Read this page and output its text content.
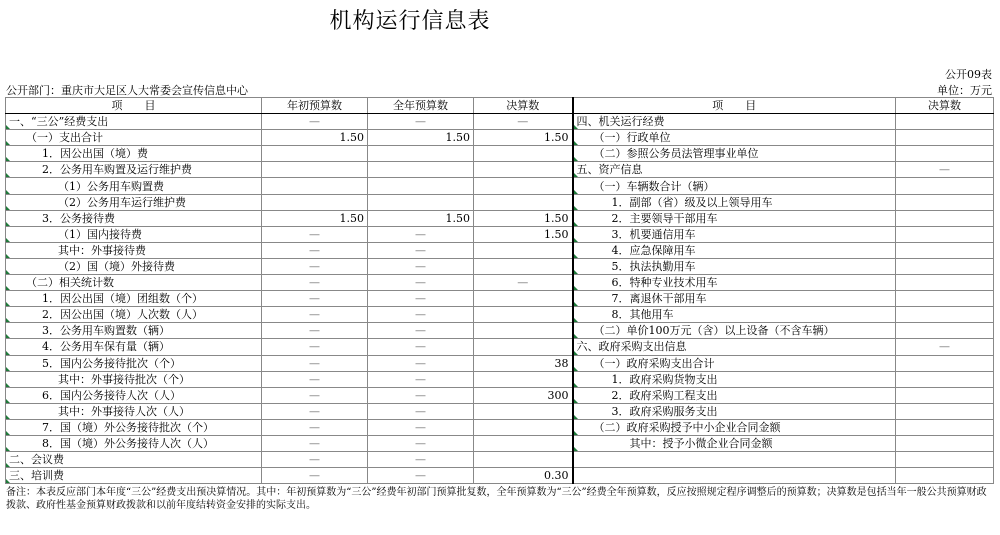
机构运行信息表
公开09表
公开部门：重庆市大足区人大常委会宣传信息中心	单位：万元
项　　目	年初预算数	全年预算数	决算数	项　　目	决算数
一、“三公”经费支出	—	—	—	四、机关运行经费	
（一）支出合计	1.50	1.50	1.50	（一）行政单位	
1．因公出国（境）费				（二）参照公务员法管理事业单位	
2．公务用车购置及运行维护费				五、资产信息	—
（1）公务用车购置费				（一）车辆数合计（辆）	
（2）公务用车运行维护费				1．副部（省）级及以上领导用车	
3．公务接待费	1.50	1.50	1.50	2．主要领导干部用车	
（1）国内接待费	—	—	1.50	3．机要通信用车	
其中：外事接待费	—	—		4．应急保障用车	
（2）国（境）外接待费	—	—		5．执法执勤用车	
（二）相关统计数	—	—	—	6．特种专业技术用车	
1．因公出国（境）团组数（个）	—	—		7．离退休干部用车	
2．因公出国（境）人次数（人）	—	—		8．其他用车	
3．公务用车购置数（辆）	—	—		（二）单价100万元（含）以上设备（不含车辆）	
4．公务用车保有量（辆）	—	—		六、政府采购支出信息	—
5．国内公务接待批次（个）	—	—	38	（一）政府采购支出合计	
其中：外事接待批次（个）	—	—		1．政府采购货物支出	
6．国内公务接待人次（人）	—	—	300	2．政府采购工程支出	
其中：外事接待人次（人）	—	—		3．政府采购服务支出	
7．国（境）外公务接待批次（个）	—	—		（二）政府采购授予中小企业合同金额	
8．国（境）外公务接待人次（人）	—	—		其中：授予小微企业合同金额	
二、会议费	—	—			
三、培训费	—	—	0.30		
备注：本表反应部门本年度“三公”经费支出预决算情况。其中：年初预算数为“三公”经费年初部门预算批复数，全年预算数为“三公”经费全年预算数，反应按照规定程序调整后的预算数；决算数是包括当年一般公共预算财政拨款、政府性基金预算财政拨款和以前年度结转资金安排的实际支出。
